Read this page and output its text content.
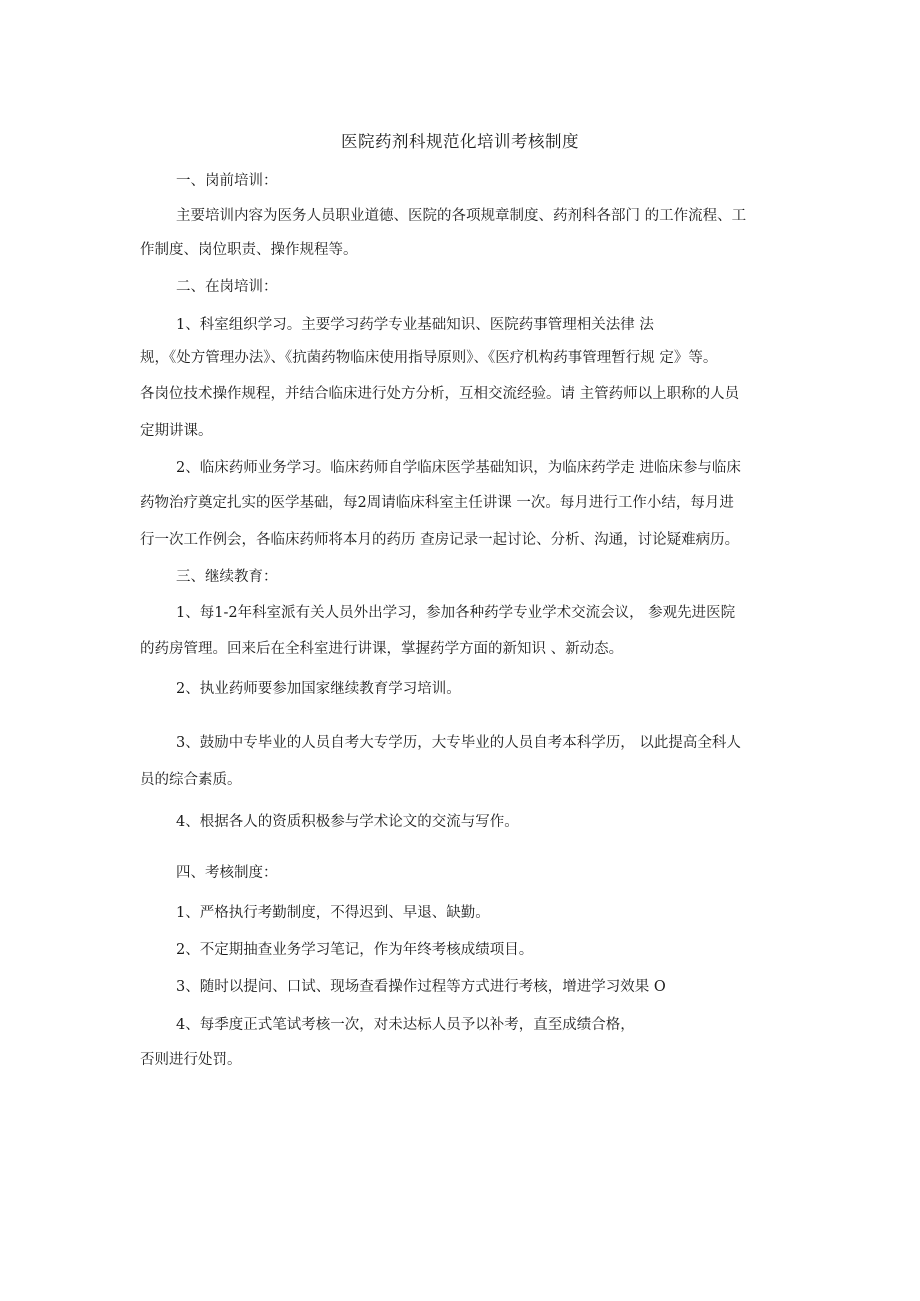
医院药剂科规范化培训考核制度

一、岗前培训：

主要培训内容为医务人员职业道德、医院的各项规章制度、药剂科各部门 的工作流程、工

作制度、岗位职责、操作规程等。

二、在岗培训：

1、科室组织学习。主要学习药学专业基础知识、医院药事管理相关法律 法

规，《处方管理办法》、《抗菌药物临床使用指导原则》、《医疗机构药事管理暂行规 定》等。

各岗位技术操作规程，并结合临床进行处方分析，互相交流经验。请 主管药师以上职称的人员

定期讲课。

2、临床药师业务学习。临床药师自学临床医学基础知识，为临床药学走 进临床参与临床

药物治疗奠定扎实的医学基础，每2周请临床科室主任讲课 一次。每月进行工作小结，每月进

行一次工作例会，各临床药师将本月的药历 查房记录一起讨论、分析、沟通，讨论疑难病历。

三、继续教育：

1、每1-2年科室派有关人员外出学习，参加各种药学专业学术交流会议， 参观先进医院

的药房管理。回来后在全科室进行讲课，掌握药学方面的新知识 、新动态。

2、执业药师要参加国家继续教育学习培训。

3、鼓励中专毕业的人员自考大专学历，大专毕业的人员自考本科学历， 以此提高全科人

员的综合素质。

4、根据各人的资质积极参与学术论文的交流与写作。

四、考核制度：

1、严格执行考勤制度，不得迟到、早退、缺勤。

2、不定期抽查业务学习笔记，作为年终考核成绩项目。

3、随时以提问、口试、现场查看操作过程等方式进行考核，增进学习效果 O

4、每季度正式笔试考核一次，对未达标人员予以补考，直至成绩合格，

否则进行处罚。
